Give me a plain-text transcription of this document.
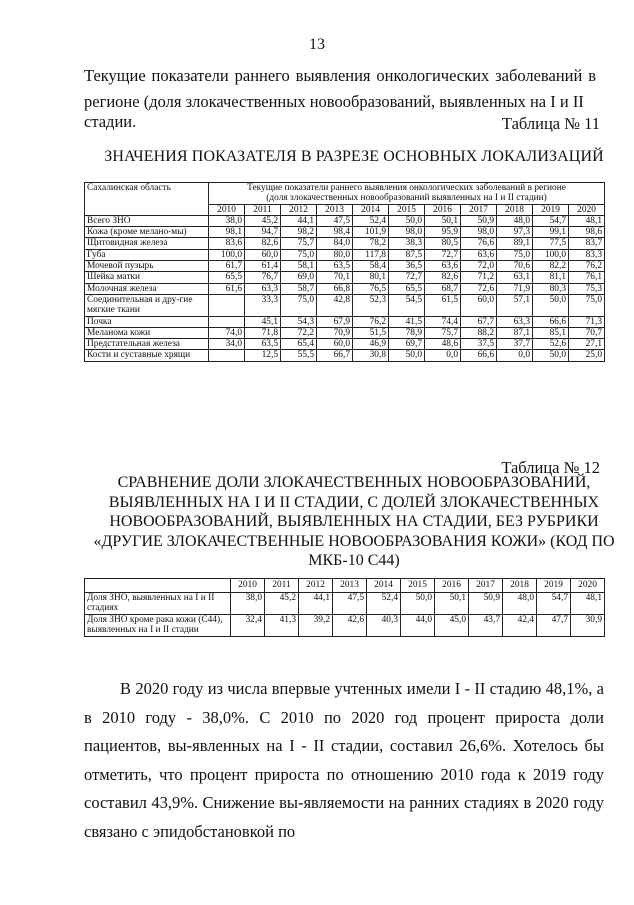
13
Текущие показатели раннего выявления онкологических заболеваний в
регионе (доля злокачественных новообразований, выявленных на I и II стадии.	Таблица № 11
ЗНАЧЕНИЯ ПОКАЗАТЕЛЯ В РАЗРЕЗЕ ОСНОВНЫХ ЛОКАЛИЗАЦИЙ
Сахалинская область	Текущие показатели раннего выявления онкологических заболеваний в регионе
(доля злокачественных новообразований выявленных на I и II стадии)										

	2010	2011	2012	2013	2014	2015	2016	2017	2018	2019	2020
Всего ЗНО	38,0	45,2	44,1	47,5	52,4	50,0	50,1	50,9	48,0	54,7	48,1
Кожа (кроме мелано-мы)	98,1	94,7	98,2	98,4	101,9	98,0	95,9	98,0	97,3	99,1	98,6
Щитовидная железа	83,6	82,6	75,7	84,0	78,2	38,3	80,5	76,6	89,1	77,5	83,7
Губа	100,0	60,0	75,0	80,0	117,8	87,5	72,7	63,6	75,0	100,0	83,3
Мочевой пузырь	61,7	61,4	58,1	63,5	58,4	36,5	63,6	72,0	70,6	82,2	76,2
Шейка матки	65,5	76,7	69,0	70,1	80,1	72,7	82,6	71,2	63,1	81,1	76,1
Молочная железа	61,6	63,3	58,7	66,8	76,5	65,5	68,7	72,6	71,9	80,3	75,3
Соединительная и дру-гие мягкие ткани		33,3	75,0	42,8	52,3	54,5	61,5	60,0	57,1	50,0	75,0
Почка		45,1	54,3	67,9	76,2	41,5	74,4	67,7	63,3	66,6	71,3
Меланома кожи	74,0	71,8	72,2	70,9	51,5	78,9	75,7	88,2	87,1	85,1	70,7
Предстательная железа	34,0	63,5	65,4	60,0	46,9	69,7	48,6	37,5	37,7	52,6	27,1
Кости и суставные хрящи		12,5	55,5	66,7	30,8	50,0	0,0	66,6	0,0	50,0	25,0
Таблица № 12
СРАВНЕНИЕ ДОЛИ ЗЛОКАЧЕСТВЕННЫХ НОВООБРАЗОВАНИЙ, ВЫЯВЛЕННЫХ НА I И II СТАДИИ, С ДОЛЕЙ ЗЛОКАЧЕСТВЕННЫХ НОВООБРАЗОВАНИЙ, ВЫЯВЛЕННЫХ НА СТАДИИ, БЕЗ РУБРИКИ «ДРУГИЕ ЗЛОКАЧЕСТВЕННЫЕ НОВООБРАЗОВАНИЯ КОЖИ» (КОД ПО МКБ-10 С44)
	2010	2011	2012	2013	2014	2015	2016	2017	2018	2019	2020
Доля ЗНО, выявленных на I и II стадиях	38,0	45,2	44,1	47,5	52,4	50,0	50,1	50,9	48,0	54,7	48,1
Доля ЗНО кроме рака кожи (С44), выявленных на I и II стадии	32,4	41,3	39,2	42,6	40,3	44,0	45,0	43,7	42,4	47,7	30,9
В 2020 году из числа впервые учтенных имели I - II стадию 48,1%, а в 2010 году - 38,0%. С 2010 по 2020 год процент прироста доли пациентов, вы-явленных на I - II стадии, составил 26,6%. Хотелось бы отметить, что процент прироста по отношению 2010 года к 2019 году составил 43,9%. Снижение вы-являемости на ранних стадиях в 2020 году связано с эпидобстановкой по
